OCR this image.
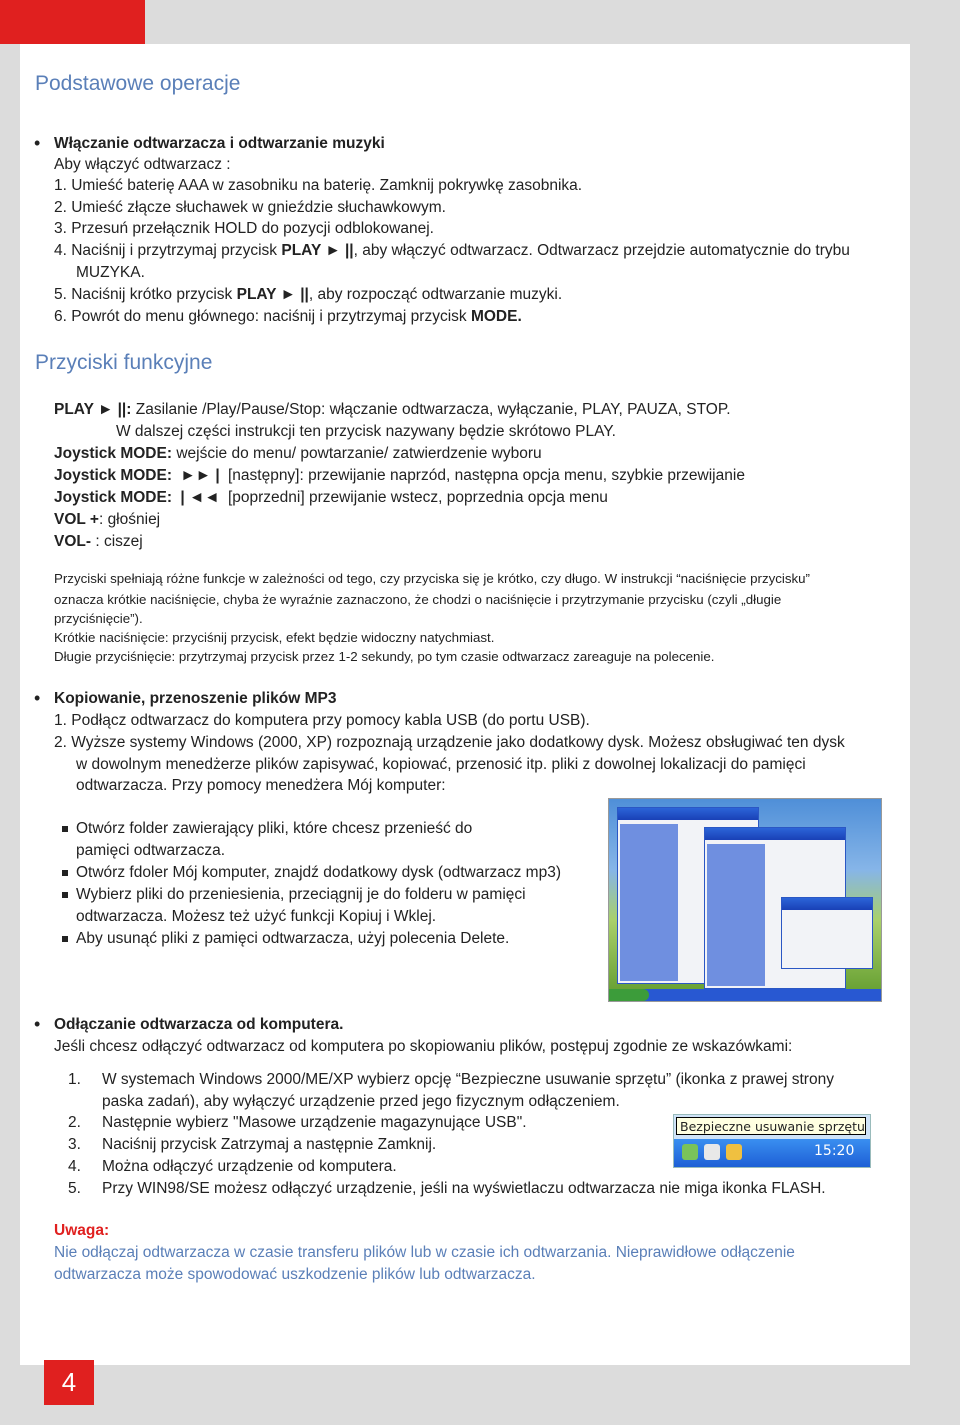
Podstawowe operacje
• Włączanie odtwarzacza i odtwarzanie muzyki
Aby włączyć odtwarzacz :
1. Umieść baterię AAA w zasobniku na baterię. Zamknij pokrywkę zasobnika.
2. Umieść złącze słuchawek w gnieździe słuchawkowym.
3. Przesuń przełącznik HOLD do pozycji odblokowanej.
4. Naciśnij i przytrzymaj przycisk PLAY ► ||, aby włączyć odtwarzacz. Odtwarzacz przejdzie automatycznie do trybu
MUZYKA.
5. Naciśnij krótko przycisk PLAY ► ||, aby rozpocząć odtwarzanie muzyki.
6. Powrót do menu głównego: naciśnij i przytrzymaj przycisk MODE.
Przyciski funkcyjne
PLAY ► ||: Zasilanie /Play/Pause/Stop: włączanie odtwarzacza, wyłączanie, PLAY, PAUZA, STOP.
W dalszej części instrukcji ten przycisk nazywany będzie skrótowo PLAY.
Joystick MODE: wejście do menu/ powtarzanie/ zatwierdzenie wyboru
Joystick MODE: ►► | [następny]: przewijanie naprzód, następna opcja menu, szybkie przewijanie
Joystick MODE: | ◄◄ [poprzedni] przewijanie wstecz, poprzednia opcja menu
VOL +: głośniej
VOL- : ciszej
Przyciski spełniają różne funkcje w zależności od tego, czy przyciska się je krótko, czy długo. W instrukcji “naciśnięcie przycisku”
oznacza krótkie naciśnięcie, chyba że wyraźnie zaznaczono, że chodzi o naciśnięcie i przytrzymanie przycisku (czyli „długie
przyciśnięcie”).
Krótkie naciśnięcie: przyciśnij przycisk, efekt będzie widoczny natychmiast.
Długie przyciśnięcie: przytrzymaj przycisk przez 1-2 sekundy, po tym czasie odtwarzacz zareaguje na polecenie.
• Kopiowanie, przenoszenie plików MP3
1. Podłącz odtwarzacz do komputera przy pomocy kabla USB (do portu USB).
2. Wyższe systemy Windows (2000, XP) rozpoznają urządzenie jako dodatkowy dysk. Możesz obsługiwać ten dysk
w dowolnym menedżerze plików zapisywać, kopiować, przenosić itp. pliki z dowolnej lokalizacji do pamięci
odtwarzacza. Przy pomocy menedżera Mój komputer:
Otwórz folder zawierający pliki, które chcesz przenieść do
pamięci odtwarzacza.
Otwórz fdoler Mój komputer, znajdź dodatkowy dysk (odtwarzacz mp3)
Wybierz pliki do przeniesienia, przeciągnij je do folderu w pamięci
odtwarzacza. Możesz też użyć funkcji Kopiuj i Wklej.
Aby usunąć pliki z pamięci odtwarzacza, użyj polecenia Delete.
• Odłączanie odtwarzacza od komputera.
Jeśli chcesz odłączyć odtwarzacz od komputera po skopiowaniu plików, postępuj zgodnie ze wskazówkami:
1. W systemach Windows 2000/ME/XP wybierz opcję “Bezpieczne usuwanie sprzętu” (ikonka z prawej strony
paska zadań), aby wyłączyć urządzenie przed jego fizycznym odłączeniem.
2. Następnie wybierz "Masowe urządzenie magazynujące USB".
3. Naciśnij przycisk Zatrzymaj a następnie Zamknij.
4. Można odłączyć urządzenie od komputera.
5. Przy WIN98/SE możesz odłączyć urządzenie, jeśli na wyświetlaczu odtwarzacza nie miga ikonka FLASH.
Bezpieczne usuwanie sprzętu
15:20
Uwaga:
Nie odłączaj odtwarzacza w czasie transferu plików lub w czasie ich odtwarzania. Nieprawidłowe odłączenie
odtwarzacza może spowodować uszkodzenie plików lub odtwarzacza.
4
